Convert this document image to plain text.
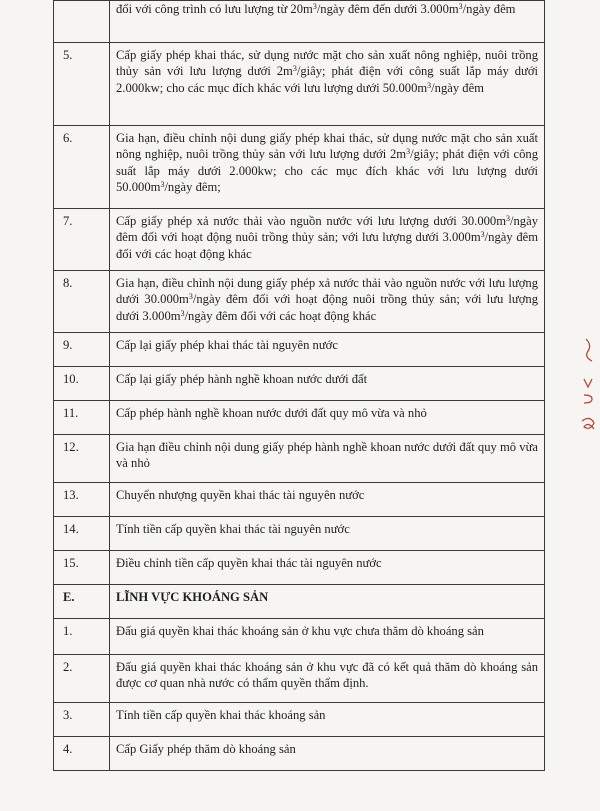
	đối với công trình có lưu lượng từ $20m^3$/ngày đêm đến dưới $3.000m^3$/ngày đêm
5.	Cấp giấy phép khai thác, sử dụng nước mặt cho sản xuất nông nghiệp, nuôi trồng thủy sản với lưu lượng dưới $2m^3$/giây; phát điện với công suất lắp máy dưới 2.000kw; cho các mục đích khác với lưu lượng dưới $50.000m^3$/ngày đêm
6.	Gia hạn, điều chỉnh nội dung giấy phép khai thác, sử dụng nước mặt cho sản xuất nông nghiệp, nuôi trồng thủy sản với lưu lượng dưới $2m^3$/giây; phát điện với công suất lắp máy dưới 2.000kw; cho các mục đích khác với lưu lượng dưới $50.000m^3$/ngày đêm;
7.	Cấp giấy phép xả nước thải vào nguồn nước với lưu lượng dưới $30.000m^3$/ngày đêm đối với hoạt động nuôi trồng thủy sản; với lưu lượng dưới $3.000m^3$/ngày đêm đối với các hoạt động khác
8.	Gia hạn, điều chỉnh nội dung giấy phép xả nước thải vào nguồn nước với lưu lượng dưới $30.000m^3$/ngày đêm đối với hoạt động nuôi trồng thủy sản; với lưu lượng dưới $3.000m^3$/ngày đêm đối với các hoạt động khác
9.	Cấp lại giấy phép khai thác tài nguyên nước
10.	Cấp lại giấy phép hành nghề khoan nước dưới đất
11.	Cấp phép hành nghề khoan nước dưới đất quy mô vừa và nhỏ
12.	Gia hạn điều chỉnh nội dung giấy phép hành nghề khoan nước dưới đất quy mô vừa và nhỏ
13.	Chuyển nhượng quyền khai thác tài nguyên nước
14.	Tính tiền cấp quyền khai thác tài nguyên nước
15.	Điều chỉnh tiền cấp quyền khai thác tài nguyên nước
E.	LĨNH VỰC KHOÁNG SẢN
1.	Đấu giá quyền khai thác khoáng sản ở khu vực chưa thăm dò khoáng sản
2.	Đấu giá quyền khai thác khoáng sản ở khu vực đã có kết quả thăm dò khoáng sản được cơ quan nhà nước có thẩm quyền thẩm định.
3.	Tính tiền cấp quyền khai thác khoáng sản
4.	Cấp Giấy phép thăm dò khoáng sản
